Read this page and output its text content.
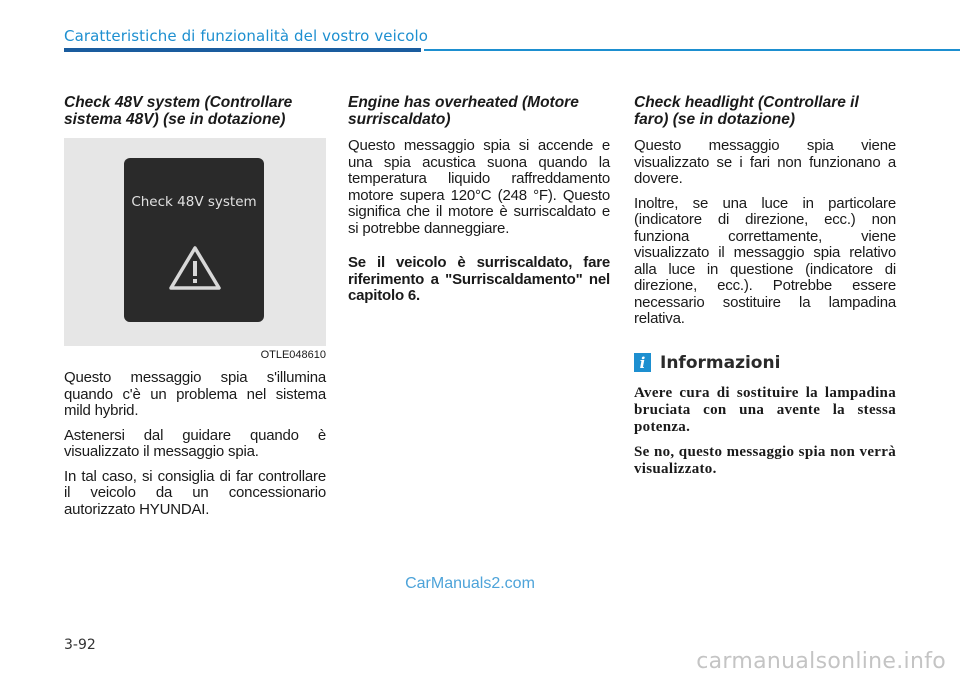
Caratteristiche di funzionalità del vostro veicolo
Check 48V system (Controllare sistema 48V) (se in dotazione)
Check 48V system
OTLE048610

Questo messaggio spia s'illumina quando c'è un problema nel sistema mild hybrid.

Astenersi dal guidare quando è visualizzato il messaggio spia.

In tal caso, si consiglia di far controllare il veicolo da un concessionario autorizzato HYUNDAI.

Engine has overheated (Motore surriscaldato)

Questo messaggio spia si accende e una spia acustica suona quando la temperatura liquido raffreddamento motore supera 120°C (248 °F). Questo significa che il motore è surriscaldato e si potrebbe danneggiare.

Se il veicolo è surriscaldato, fare riferimento a "Surriscaldamento" nel capitolo 6.

Check headlight (Controllare il faro) (se in dotazione)

Questo messaggio spia viene visualizzato se i fari non funzionano a dovere.

Inoltre, se una luce in particolare (indicatore di direzione, ecc.) non funziona correttamente, viene visualizzato il messaggio spia relativo alla luce in questione (indicatore di direzione, ecc.). Potrebbe essere necessario sostituire la lampadina relativa.

i Informazioni

Avere cura di sostituire la lampadina bruciata con una avente la stessa potenza.

Se no, questo messaggio spia non verrà visualizzato.

CarManuals2.com
3-92
carmanualsonline.info
